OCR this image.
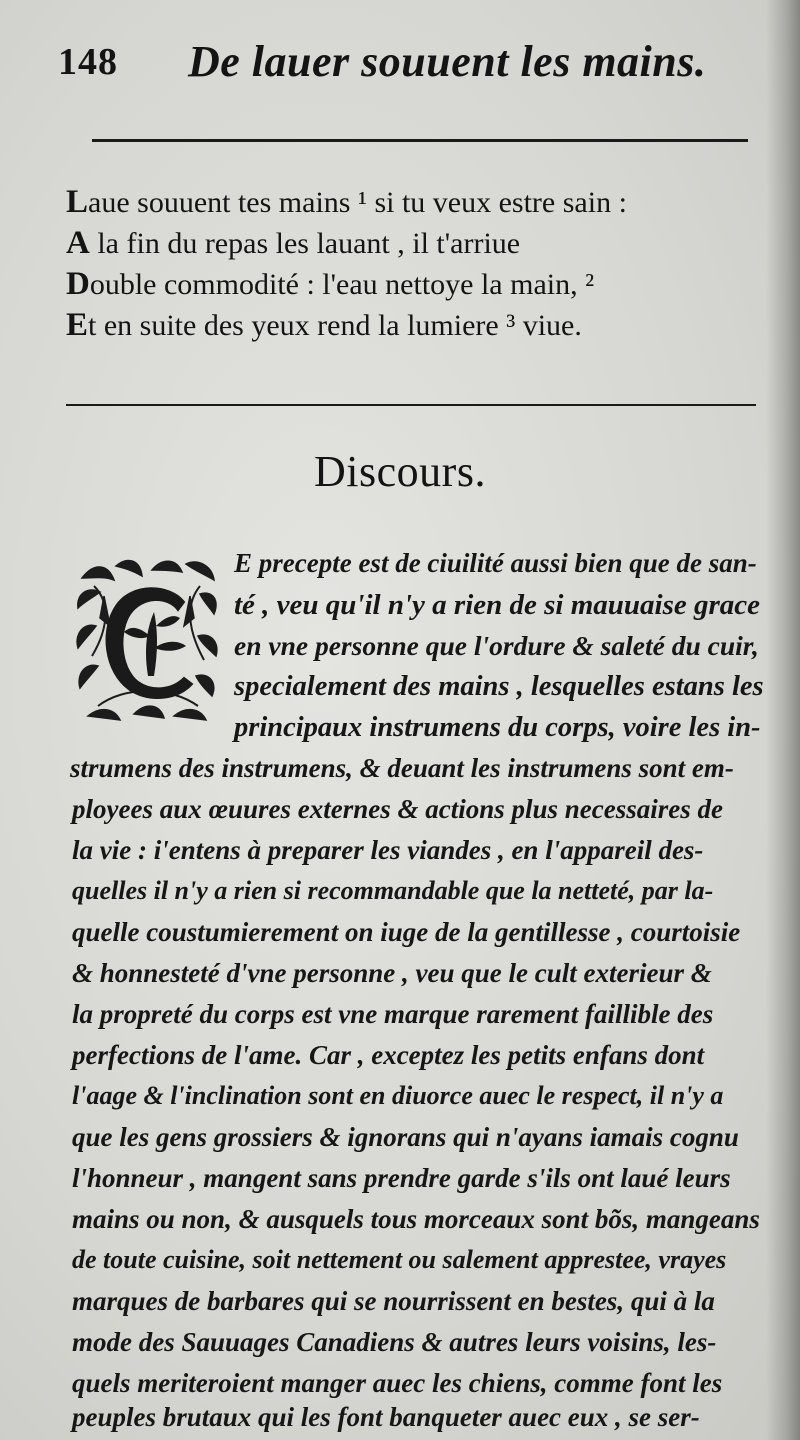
148 De lauer souuent les mains.
Laue souuent tes mains ¹ si tu veux estre sain :
A la fin du repas les lauant , il t'arriue
Double commodité : l'eau nettoye la main, ²
Et en suite des yeux rend la lumiere ³ viue.
Discours.
E precepte est de ciuilité aussi bien que de san-
té , veu qu'il n'y a rien de si mauuaise grace
en vne personne que l'ordure & saleté du cuir,
specialement des mains , lesquelles estans les
principaux instrumens du corps, voire les in-
strumens des instrumens, & deuant les instrumens sont em-
ployees aux œuures externes & actions plus necessaires de
la vie : i'entens à preparer les viandes , en l'appareil des-
quelles il n'y a rien si recommandable que la netteté, par la-
quelle coustumierement on iuge de la gentillesse , courtoisie
& honnesteté d'vne personne , veu que le cult exterieur &
la propreté du corps est vne marque rarement faillible des
perfections de l'ame. Car , exceptez les petits enfans dont
l'aage & l'inclination sont en diuorce auec le respect, il n'y a
que les gens grossiers & ignorans qui n'ayans iamais cognu
l'honneur , mangent sans prendre garde s'ils ont laué leurs
mains ou non, & ausquels tous morceaux sont bõs, mangeans
de toute cuisine, soit nettement ou salement apprestee, vrayes
marques de barbares qui se nourrissent en bestes, qui à la
mode des Sauuages Canadiens & autres leurs voisins, les-
quels meriteroient manger auec les chiens, comme font les
peuples brutaux qui les font banqueter auec eux , se ser-
